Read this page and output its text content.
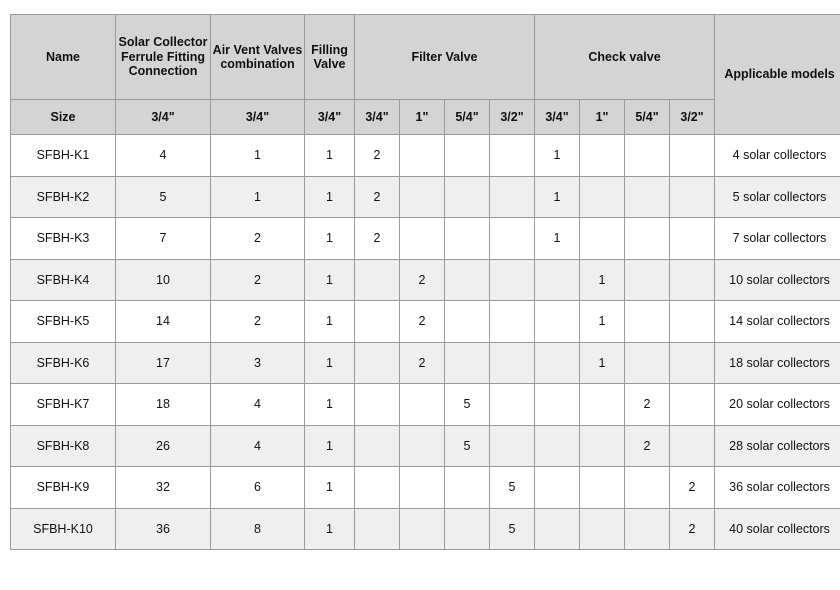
Name	Solar Collector Ferrule Fitting Connection	Air Vent Valves combination	Filling Valve	Filter Valve				Check valve				Applicable models
Size	3/4"	3/4"	3/4"	3/4"	1"	5/4"	3/2"	3/4"	1"	5/4"	3/2"	
SFBH-K1	4	1	1	2				1				4 solar collectors
SFBH-K2	5	1	1	2				1				5 solar collectors
SFBH-K3	7	2	1	2				1				7 solar collectors
SFBH-K4	10	2	1		2				1			10 solar collectors
SFBH-K5	14	2	1		2				1			14 solar collectors
SFBH-K6	17	3	1		2				1			18 solar collectors
SFBH-K7	18	4	1			5				2		20 solar collectors
SFBH-K8	26	4	1			5				2		28 solar collectors
SFBH-K9	32	6	1				5				2	36 solar collectors
SFBH-K10	36	8	1				5				2	40 solar collectors
